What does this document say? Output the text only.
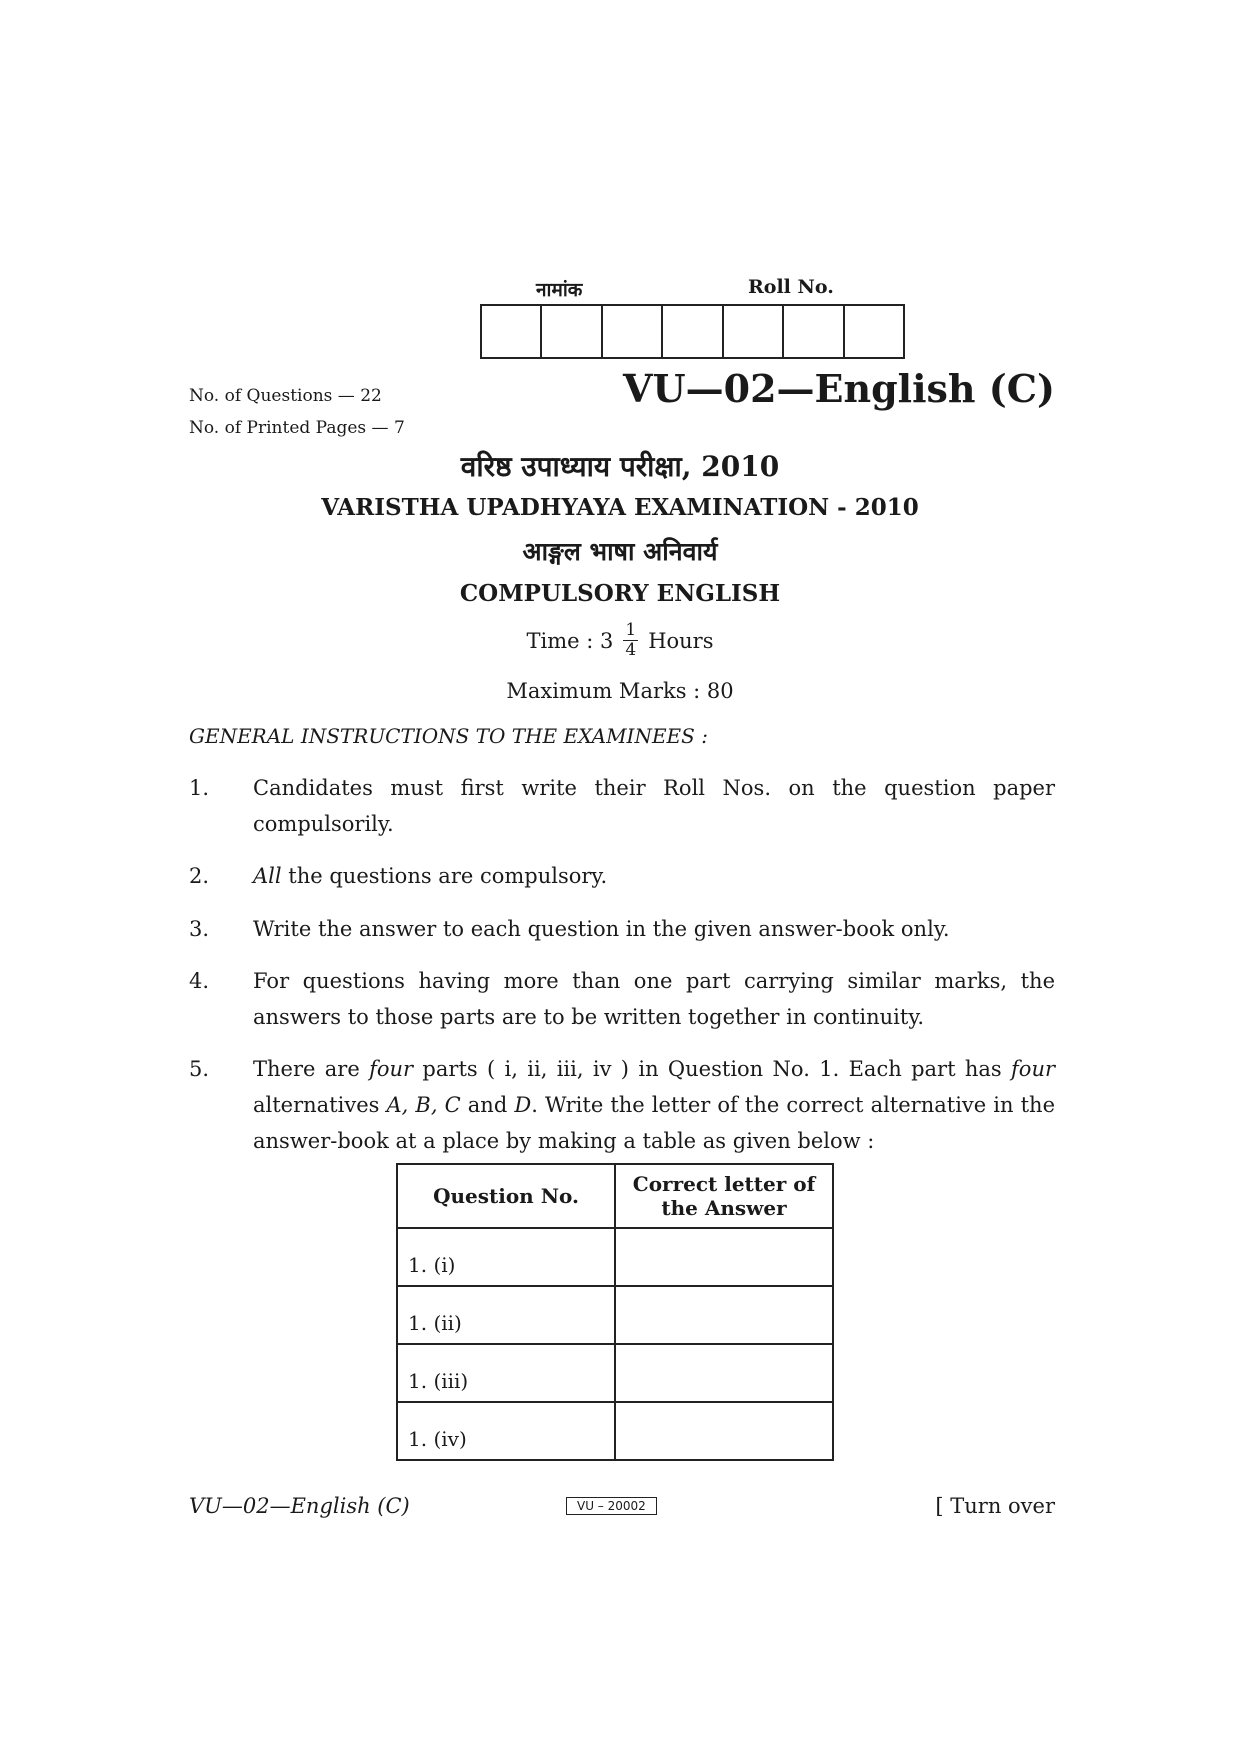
नामांक	Roll No.
No. of Questions — 22
No. of Printed Pages — 7
VU—02—English (C)
वरिष्ठ उपाध्याय परीक्षा, 2010
VARISTHA UPADHYAYA EXAMINATION - 2010
आङ्गल भाषा अनिवार्य
COMPULSORY ENGLISH
Time : $3 \frac{1}{4}$ Hours
Maximum Marks : 80
GENERAL INSTRUCTIONS TO THE EXAMINEES :
1. Candidates must first write their Roll Nos. on the question paper compulsorily.
2. All the questions are compulsory.
3. Write the answer to each question in the given answer-book only.
4. For questions having more than one part carrying similar marks, the answers to those parts are to be written together in continuity.
5. There are four parts ( i, ii, iii, iv ) in Question No. 1. Each part has four alternatives A, B, C and D. Write the letter of the correct alternative in the answer-book at a place by making a table as given below :
Question No.	Correct letter of the Answer
1. (i)	
1. (ii)	
1. (iii)	
1. (iv)	
VU—02—English (C)	VU – 20002	[ Turn over
